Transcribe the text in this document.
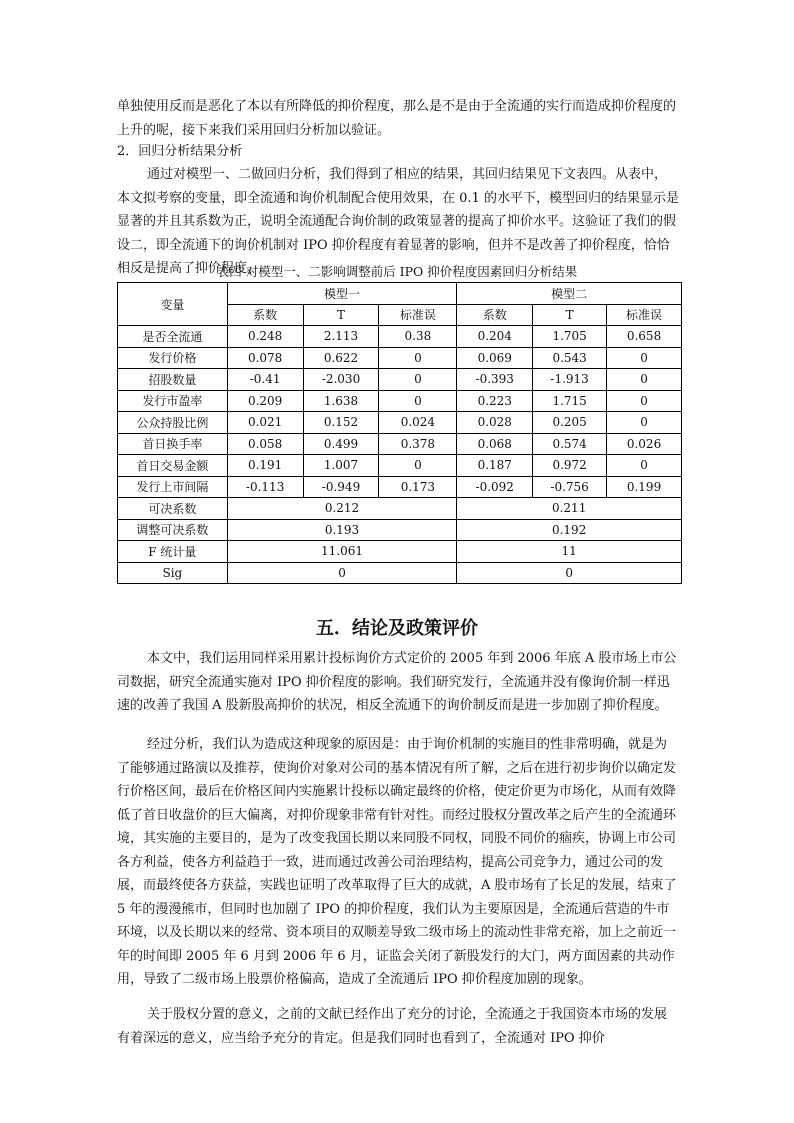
单独使用反而是恶化了本以有所降低的抑价程度，那么是不是由于全流通的实行而造成抑价程度的上升的呢，接下来我们采用回归分析加以验证。
2．回归分析结果分析
通过对模型一、二做回归分析，我们得到了相应的结果，其回归结果见下文表四。从表中，本文拟考察的变量，即全流通和询价机制配合使用效果，在 0.1 的水平下，模型回归的结果显示是显著的并且其系数为正，说明全流通配合询价制的政策显著的提高了抑价水平。这验证了我们的假设二，即全流通下的询价机制对 IPO 抑价程度有着显著的影响，但并不是改善了抑价程度，恰恰相反是提高了抑价程度。
表四 对模型一、二影响调整前后 IPO 抑价程度因素回归分析结果
变量	模型一			模型二		
	系数	T	标准误	系数	T	标准误
是否全流通	0.248	2.113	0.38	0.204	1.705	0.658
发行价格	0.078	0.622	0	0.069	0.543	0
招股数量	-0.41	-2.030	0	-0.393	-1.913	0
发行市盈率	0.209	1.638	0	0.223	1.715	0
公众持股比例	0.021	0.152	0.024	0.028	0.205	0
首日换手率	0.058	0.499	0.378	0.068	0.574	0.026
首日交易金额	0.191	1.007	0	0.187	0.972	0
发行上市间隔	-0.113	-0.949	0.173	-0.092	-0.756	0.199
可决系数	0.212			0.211		
调整可决系数	0.193			0.192		
F 统计量	11.061			11		
Sig	0			0		
五．结论及政策评价
本文中，我们运用同样采用累计投标询价方式定价的 2005 年到 2006 年底 A 股市场上市公司数据，研究全流通实施对 IPO 抑价程度的影响。我们研究发行，全流通并没有像询价制一样迅速的改善了我国 A 股新股高抑价的状况，相反全流通下的询价制反而是进一步加剧了抑价程度。
经过分析，我们认为造成这种现象的原因是：由于询价机制的实施目的性非常明确，就是为了能够通过路演以及推荐，使询价对象对公司的基本情况有所了解，之后在进行初步询价以确定发行价格区间，最后在价格区间内实施累计投标以确定最终的价格，使定价更为市场化，从而有效降低了首日收盘价的巨大偏离，对抑价现象非常有针对性。而经过股权分置改革之后产生的全流通环境，其实施的主要目的，是为了改变我国长期以来同股不同权，同股不同价的痼疾，协调上市公司各方利益，使各方利益趋于一致，进而通过改善公司治理结构，提高公司竞争力，通过公司的发展，而最终使各方获益，实践也证明了改革取得了巨大的成就，A 股市场有了长足的发展，结束了 5 年的漫漫熊市，但同时也加剧了 IPO 的抑价程度，我们认为主要原因是，全流通后营造的牛市环境，以及长期以来的经常、资本项目的双顺差导致二级市场上的流动性非常充裕，加上之前近一年的时间即 2005 年 6 月到 2006 年 6 月，证监会关闭了新股发行的大门，两方面因素的共动作用，导致了二级市场上股票价格偏高，造成了全流通后 IPO 抑价程度加剧的现象。
关于股权分置的意义，之前的文献已经作出了充分的讨论，全流通之于我国资本市场的发展有着深远的意义，应当给予充分的肯定。但是我们同时也看到了，全流通对 IPO 抑价
